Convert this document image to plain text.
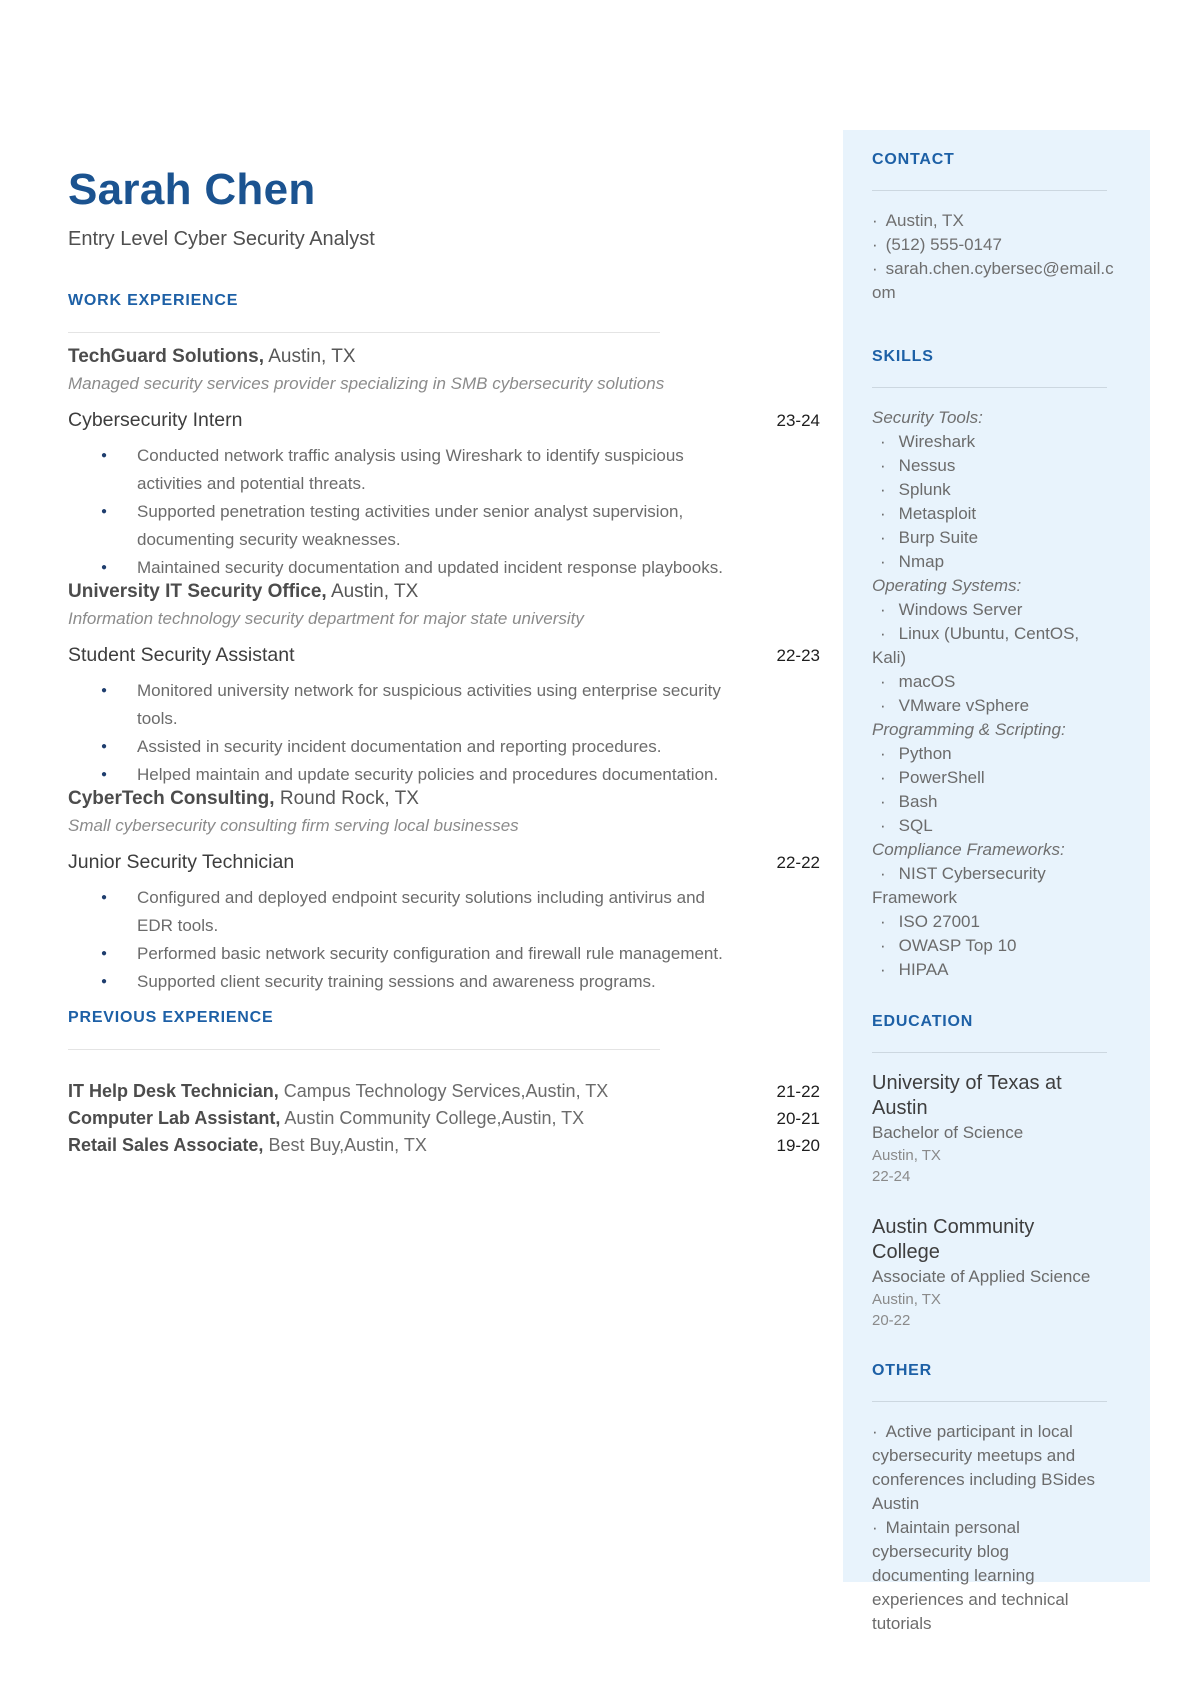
Sarah Chen
Entry Level Cyber Security Analyst
WORK EXPERIENCE

TechGuard Solutions, Austin, TX

Managed security services provider specializing in SMB cybersecurity solutions

Cybersecurity Intern	23-24
● Conducted network traffic analysis using Wireshark to identify suspicious activities and potential threats.
● Supported penetration testing activities under senior analyst supervision, documenting security weaknesses.
● Maintained security documentation and updated incident response playbooks.

University IT Security Office, Austin, TX

Information technology security department for major state university

Student Security Assistant	22-23
● Monitored university network for suspicious activities using enterprise security tools.
● Assisted in security incident documentation and reporting procedures.
● Helped maintain and update security policies and procedures documentation.

CyberTech Consulting, Round Rock, TX

Small cybersecurity consulting firm serving local businesses

Junior Security Technician	22-22
● Configured and deployed endpoint security solutions including antivirus and EDR tools.
● Performed basic network security configuration and firewall rule management.
● Supported client security training sessions and awareness programs.
PREVIOUS EXPERIENCE
IT Help Desk Technician, Campus Technology Services,Austin, TX	21-22
Computer Lab Assistant, Austin Community College,Austin, TX	20-21
Retail Sales Associate, Best Buy,Austin, TX	19-20
CONTACT
· Austin, TX
· (512) 555-0147
· sarah.chen.cybersec@email.com
SKILLS
Security Tools:
· Wireshark
· Nessus
· Splunk
· Metasploit
· Burp Suite
· Nmap
Operating Systems:
· Windows Server
· Linux (Ubuntu, CentOS, Kali)
· macOS
· VMware vSphere
Programming & Scripting:
· Python
· PowerShell
· Bash
· SQL
Compliance Frameworks:
· NIST Cybersecurity Framework
· ISO 27001
· OWASP Top 10
· HIPAA
EDUCATION
University of Texas at Austin
Bachelor of Science
Austin, TX
22-24
Austin Community College
Associate of Applied Science
Austin, TX
20-22
OTHER
· Active participant in local cybersecurity meetups and conferences including BSides Austin
· Maintain personal cybersecurity blog documenting learning experiences and technical tutorials
